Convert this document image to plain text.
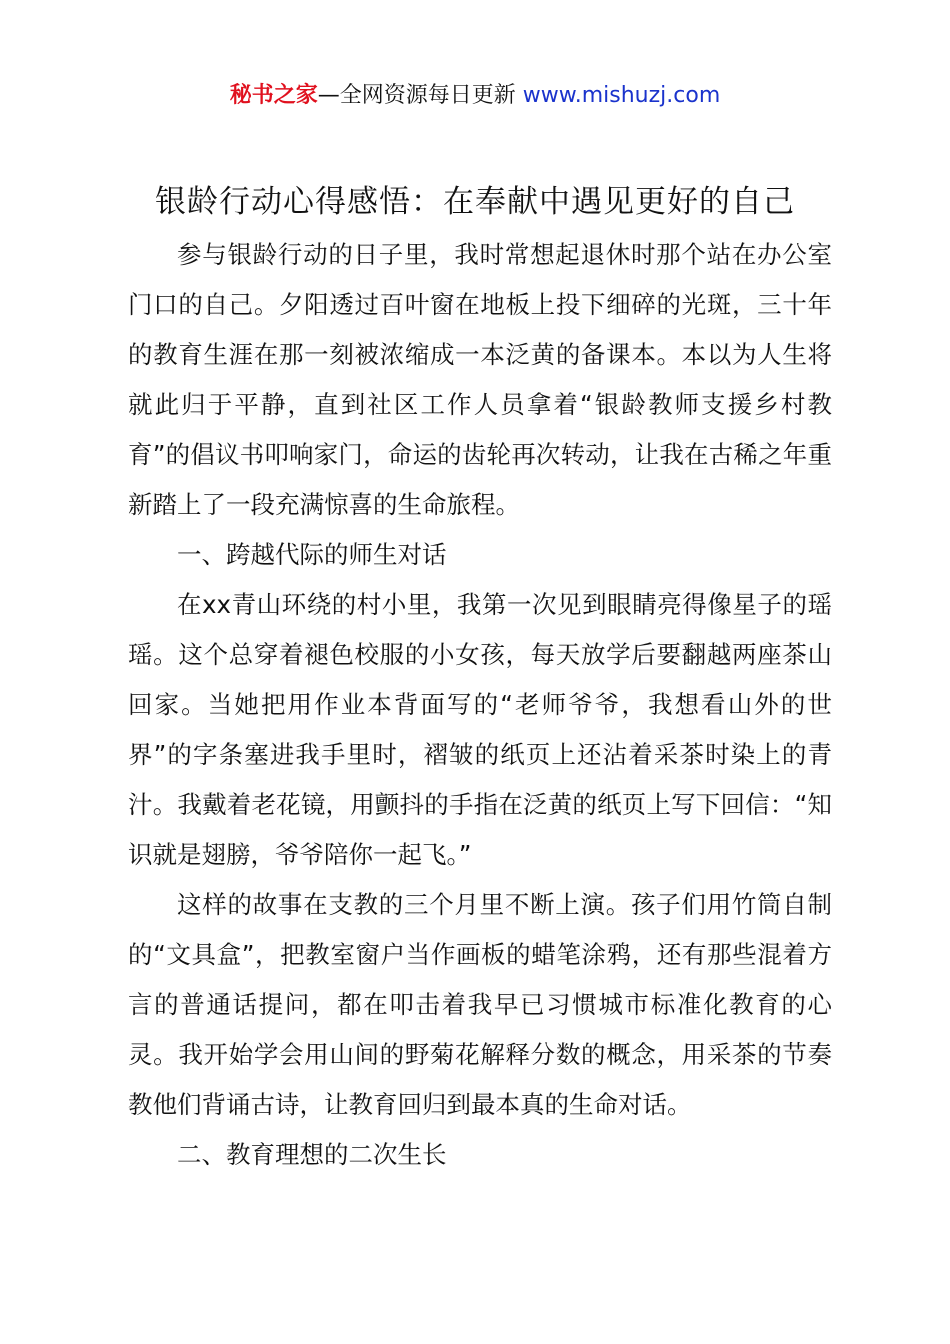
秘书之家—全网资源每日更新 www.mishuzj.com
银龄行动心得感悟：在奉献中遇见更好的自己

参与银龄行动的日子里，我时常想起退休时那个站在办公室门口的自己。夕阳透过百叶窗在地板上投下细碎的光斑，三十年的教育生涯在那一刻被浓缩成一本泛黄的备课本。本以为人生将就此归于平静，直到社区工作人员拿着“银龄教师支援乡村教育”的倡议书叩响家门，命运的齿轮再次转动，让我在古稀之年重新踏上了一段充满惊喜的生命旅程。

一、跨越代际的师生对话

在xx青山环绕的村小里，我第一次见到眼睛亮得像星子的瑶瑶。这个总穿着褪色校服的小女孩，每天放学后要翻越两座茶山回家。当她把用作业本背面写的“老师爷爷，我想看山外的世界”的字条塞进我手里时，褶皱的纸页上还沾着采茶时染上的青汁。我戴着老花镜，用颤抖的手指在泛黄的纸页上写下回信：“知识就是翅膀，爷爷陪你一起飞。”

这样的故事在支教的三个月里不断上演。孩子们用竹筒自制的“文具盒”，把教室窗户当作画板的蜡笔涂鸦，还有那些混着方言的普通话提问，都在叩击着我早已习惯城市标准化教育的心灵。我开始学会用山间的野菊花解释分数的概念，用采茶的节奏教他们背诵古诗，让教育回归到最本真的生命对话。

二、教育理想的二次生长
